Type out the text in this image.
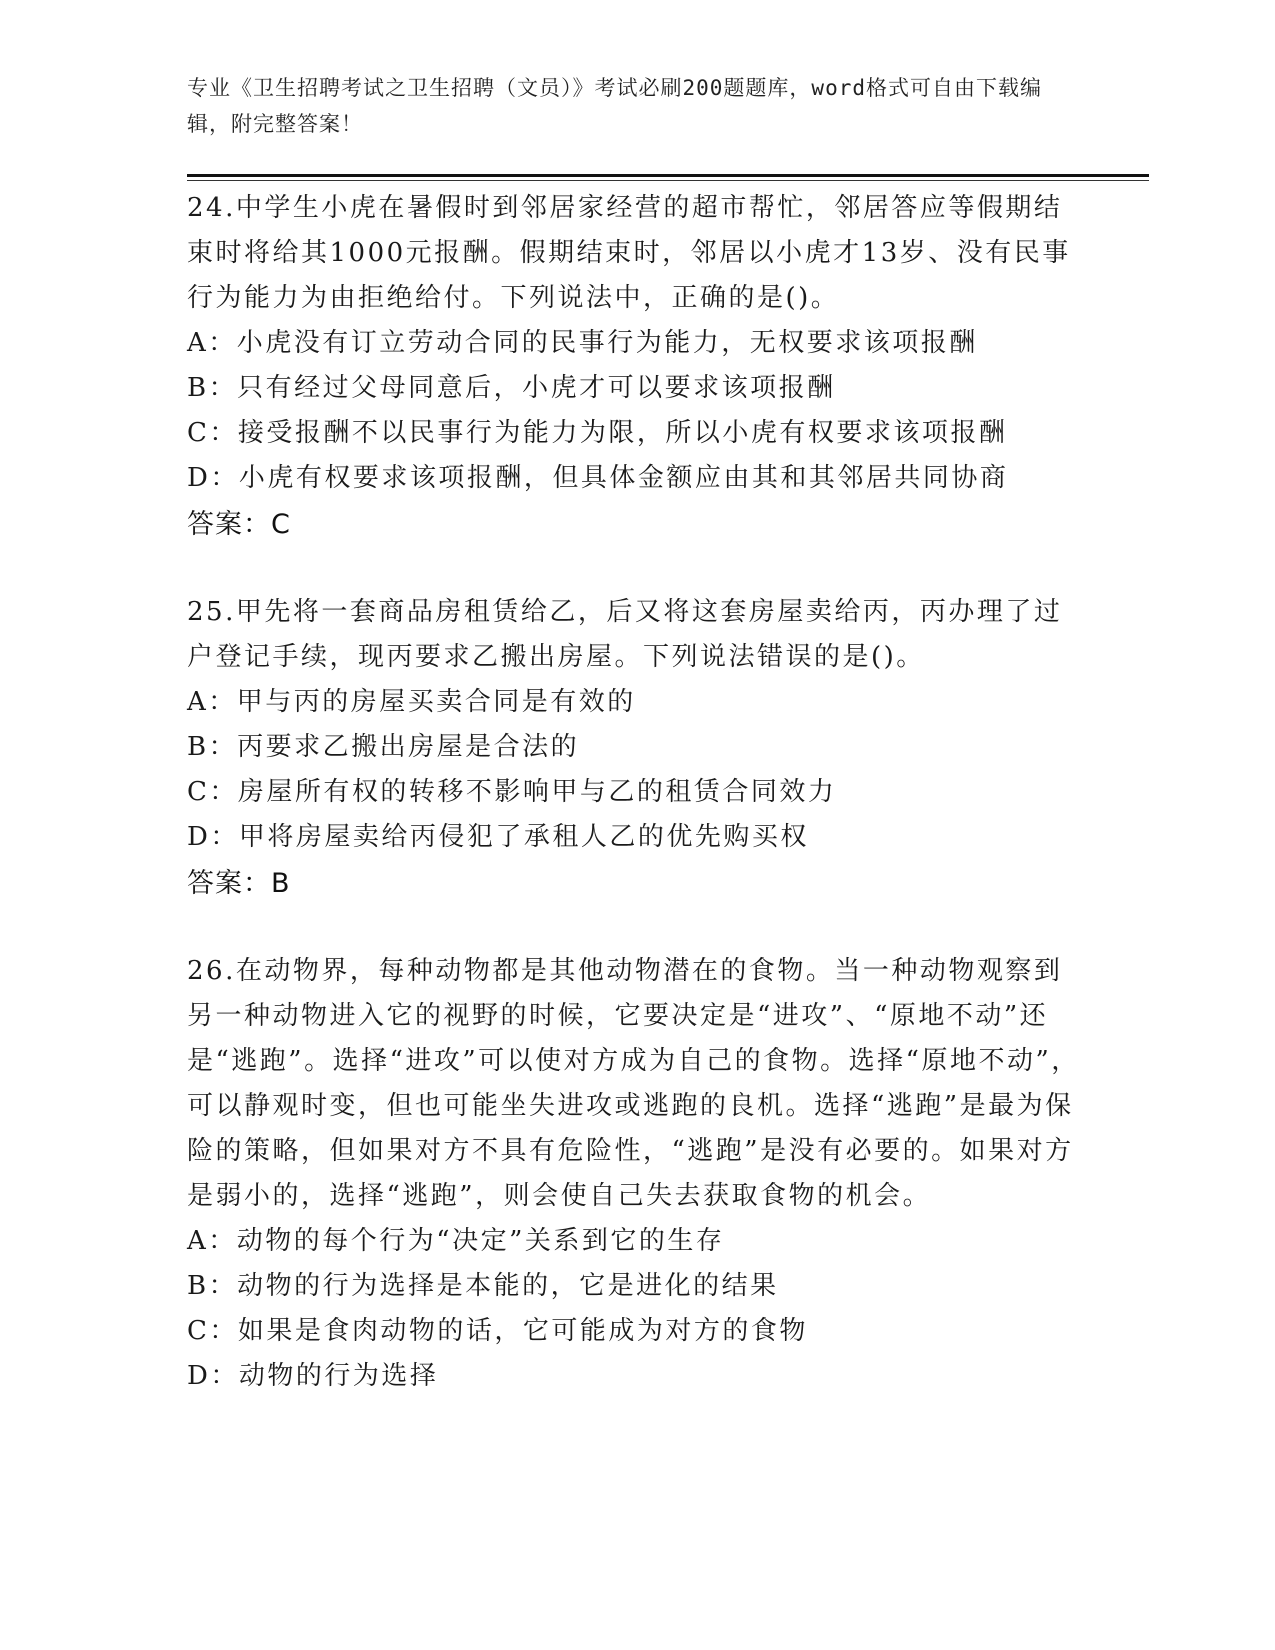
专业《卫生招聘考试之卫生招聘（文员）》考试必刷200题题库，word格式可自由下载编辑，附完整答案！

24.中学生小虎在暑假时到邻居家经营的超市帮忙，邻居答应等假期结束时将给其1000元报酬。假期结束时，邻居以小虎才13岁、没有民事行为能力为由拒绝给付。下列说法中，正确的是()。

A：小虎没有订立劳动合同的民事行为能力，无权要求该项报酬

B：只有经过父母同意后，小虎才可以要求该项报酬

C：接受报酬不以民事行为能力为限，所以小虎有权要求该项报酬

D：小虎有权要求该项报酬，但具体金额应由其和其邻居共同协商

答案：C

25.甲先将一套商品房租赁给乙，后又将这套房屋卖给丙，丙办理了过户登记手续，现丙要求乙搬出房屋。下列说法错误的是()。

A：甲与丙的房屋买卖合同是有效的

B：丙要求乙搬出房屋是合法的

C：房屋所有权的转移不影响甲与乙的租赁合同效力

D：甲将房屋卖给丙侵犯了承租人乙的优先购买权

答案：B

26.在动物界，每种动物都是其他动物潜在的食物。当一种动物观察到另一种动物进入它的视野的时候，它要决定是“进攻”、“原地不动”还是“逃跑”。选择“进攻”可以使对方成为自己的食物。选择“原地不动”，可以静观时变，但也可能坐失进攻或逃跑的良机。选择“逃跑”是最为保险的策略，但如果对方不具有危险性，“逃跑”是没有必要的。如果对方是弱小的，选择“逃跑”，则会使自己失去获取食物的机会。

A：动物的每个行为“决定”关系到它的生存

B：动物的行为选择是本能的，它是进化的结果

C：如果是食肉动物的话，它可能成为对方的食物

D：动物的行为选择
